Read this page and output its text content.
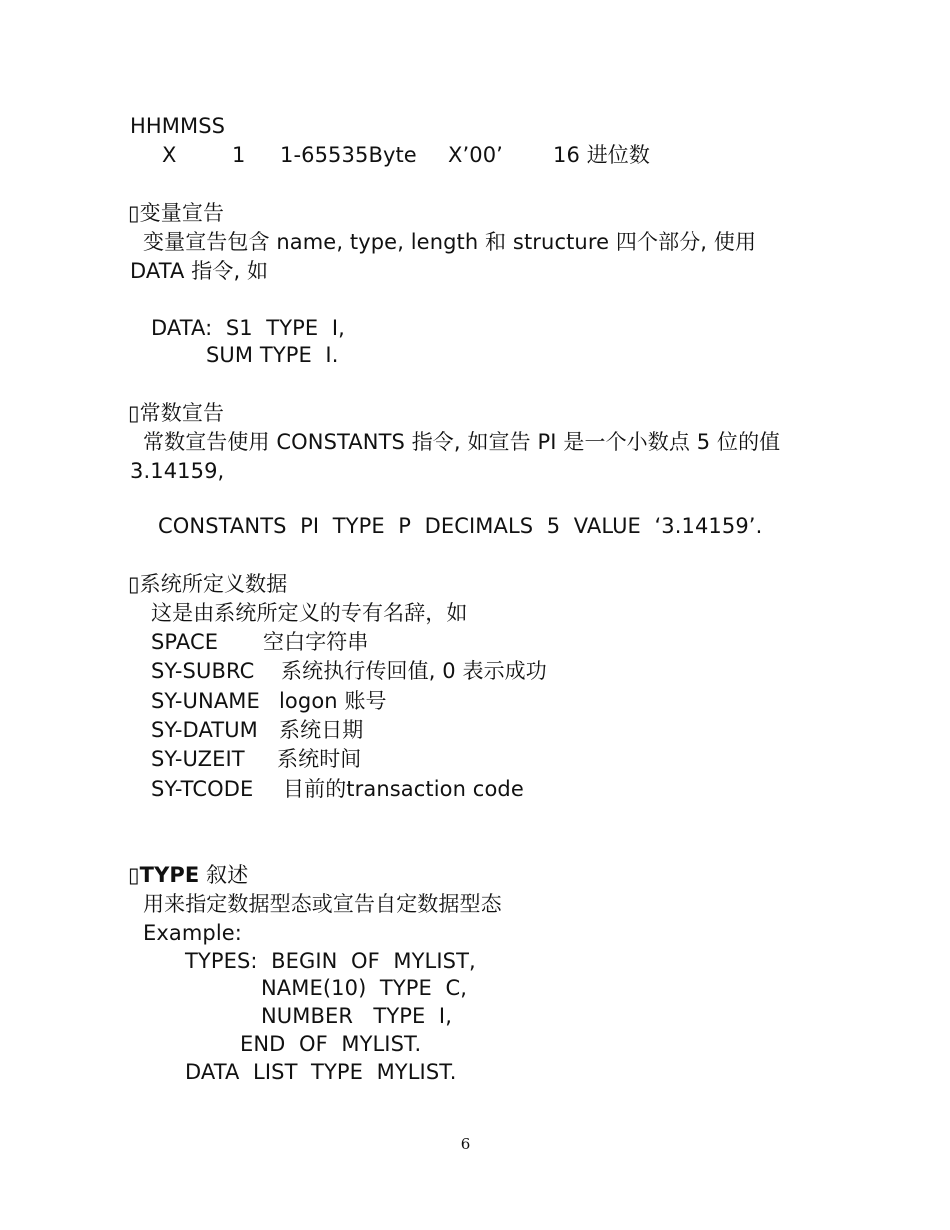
HHMMSS
X	1 1-65535Byte X’00’ 16 进位数
▯变量宣告
变量宣告包含 name, type, length 和 structure 四个部分, 使用
DATA 指令, 如
DATA:  S1  TYPE  I,
SUM TYPE  I.
▯常数宣告
常数宣告使用 CONSTANTS 指令, 如宣告 PI 是一个小数点 5 位的值
3.14159,
CONSTANTS  PI  TYPE  P  DECIMALS  5  VALUE  ‘3.14159’.
▯系统所定义数据
这是由系统所定义的专有名辞，如
SPACE 空白字符串
SY-SUBRC 系统执行传回值, 0 表示成功
SY-UNAME logon 账号
SY-DATUM 系统日期
SY-UZEIT 系统时间
SY-TCODE 目前的transaction code
▯TYPE 叙述
用来指定数据型态或宣告自定数据型态
Example:
TYPES:  BEGIN  OF  MYLIST,
NAME(10)  TYPE  C,
NUMBER   TYPE  I,
END  OF  MYLIST.
DATA  LIST  TYPE  MYLIST.
6
